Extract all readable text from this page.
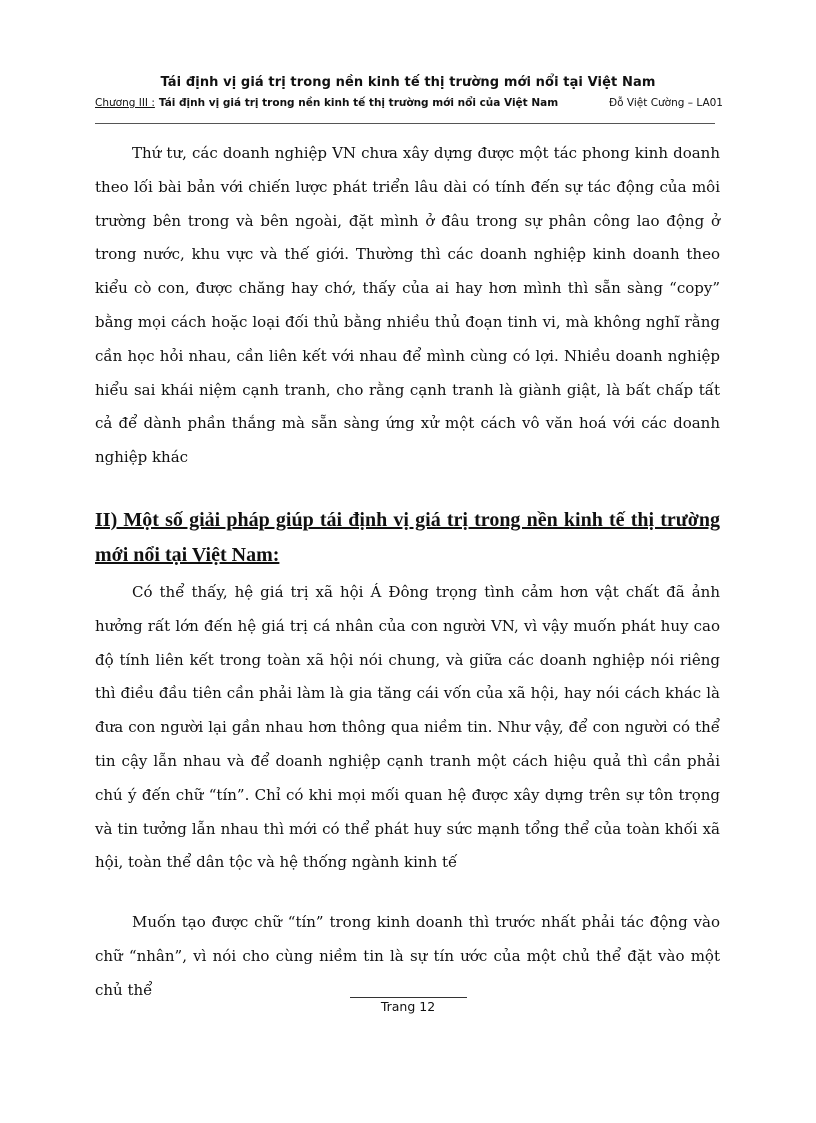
Tái định vị giá trị trong nền kinh tế thị trường mới nổi tại Việt Nam
Chương III : Tái định vị giá trị trong nền kinh tế thị trường mới nổi của Việt Nam	Đỗ Việt Cường – LA01

Thứ tư, các doanh nghiệp VN chưa xây dựng được một tác phong kinh doanh theo lối bài bản với chiến lược phát triển lâu dài có tính đến sự tác động của môi trường bên trong và bên ngoài, đặt mình ở đâu trong sự phân công lao động ở trong nước, khu vực và thế giới. Thường thì các doanh nghiệp kinh doanh theo kiểu cò con, được chăng hay chớ, thấy của ai hay hơn mình thì sẵn sàng “copy” bằng mọi cách hoặc loại đối thủ bằng nhiều thủ đoạn tinh vi, mà không nghĩ rằng cần học hỏi nhau, cần liên kết với nhau để mình cùng có lợi. Nhiều doanh nghiệp hiểu sai khái niệm cạnh tranh, cho rằng cạnh tranh là giành giật, là bất chấp tất cả để dành phần thắng mà sẵn sàng ứng xử một cách vô văn hoá với các doanh nghiệp khác

II) Một số giải pháp giúp tái định vị giá trị trong nền kinh tế thị trường mới nổi tại Việt Nam:

Có thể thấy, hệ giá trị xã hội Á Đông trọng tình cảm hơn vật chất đã ảnh hưởng rất lớn đến hệ giá trị cá nhân của con người VN, vì vậy muốn phát huy cao độ tính liên kết trong toàn xã hội nói chung, và giữa các doanh nghiệp nói riêng thì điều đầu tiên cần phải làm là gia tăng cái vốn của xã hội, hay nói cách khác là đưa con người lại gần nhau hơn thông qua niềm tin. Như vậy, để con người có thể tin cậy lẫn nhau và để doanh nghiệp cạnh tranh một cách hiệu quả thì cần phải chú ý đến chữ “tín”. Chỉ có khi mọi mối quan hệ được xây dựng trên sự tôn trọng và tin tưởng lẫn nhau thì mới có thể phát huy sức mạnh tổng thể của toàn khối xã hội, toàn thể dân tộc và hệ thống ngành kinh tế

Muốn tạo được chữ “tín” trong kinh doanh thì trước nhất phải tác động vào chữ “nhân”, vì nói cho cùng niềm tin là sự tín ước của một chủ thể đặt vào một chủ thể

Trang 12
